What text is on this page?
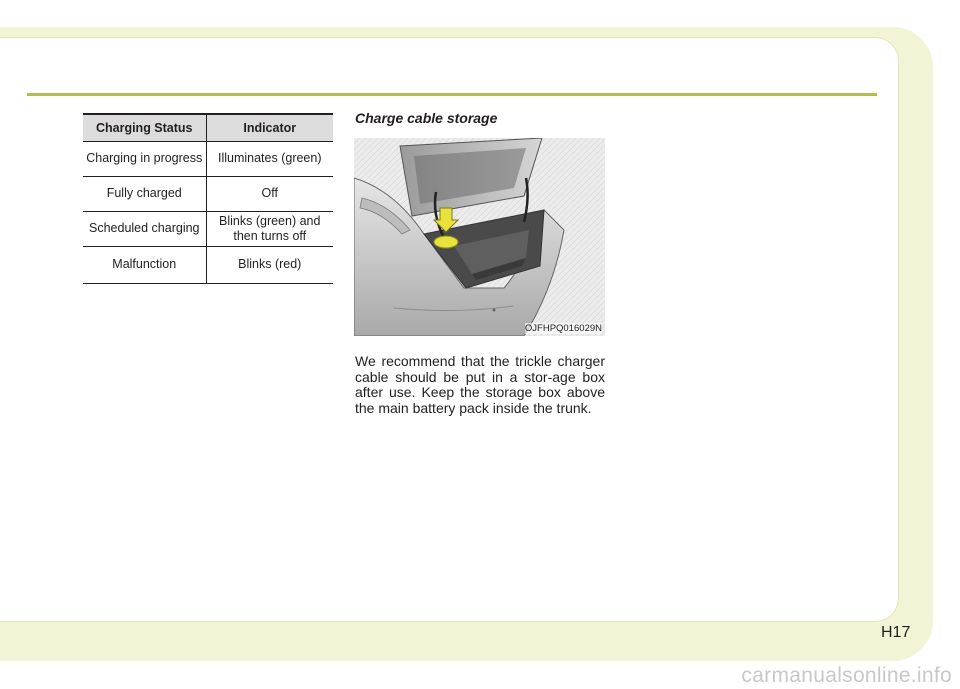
Charging Status	Indicator
Charging in progress	Illuminates (green)
Fully charged	Off
Scheduled charging	Blinks (green) and then turns off
Malfunction	Blinks (red)
Charge cable storage
OJFHPQ016029N

We recommend that the trickle charger cable should be put in a stor-age box after use. Keep the storage box above the main battery pack inside the trunk.

H17
carmanualsonline.info
